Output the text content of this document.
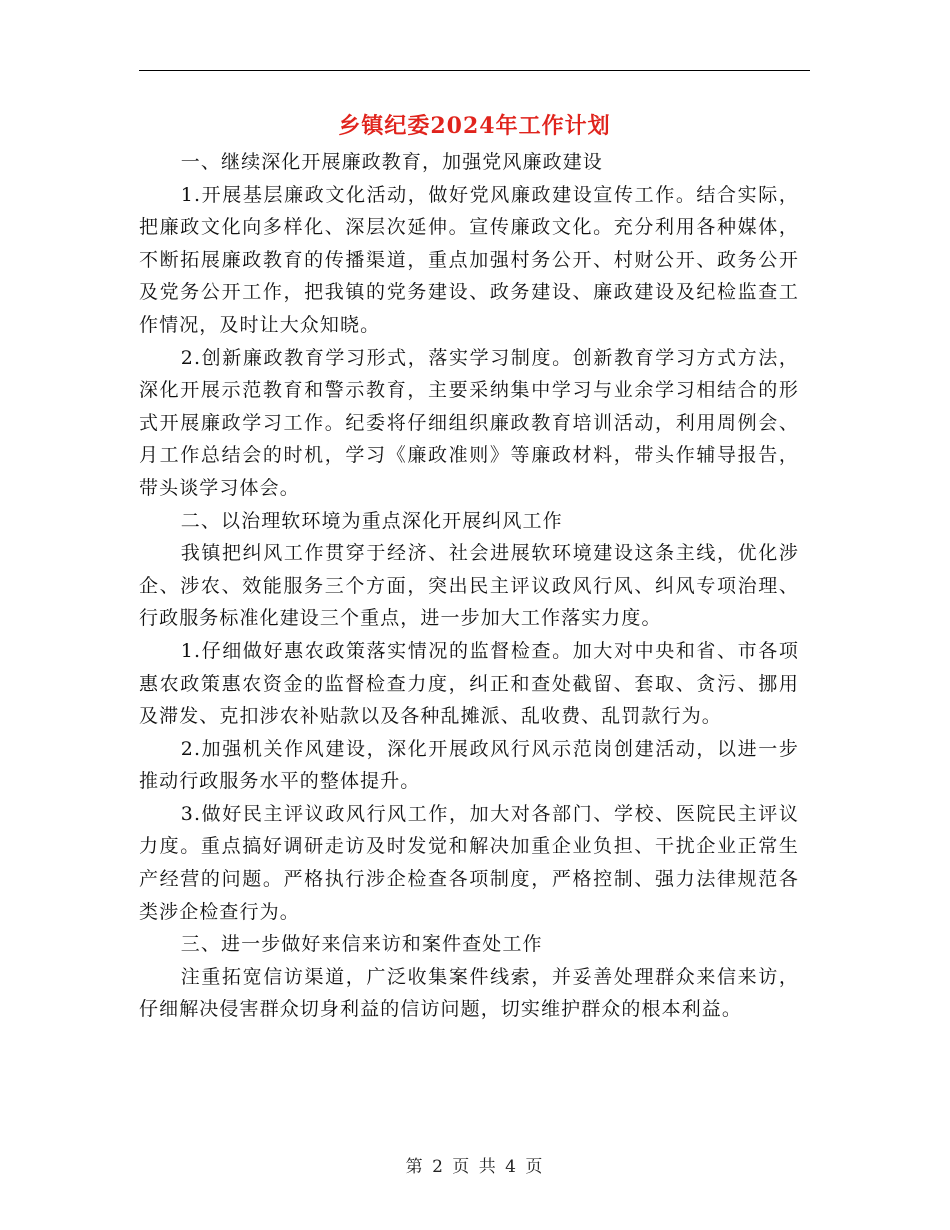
乡镇纪委2024年工作计划

一、继续深化开展廉政教育，加强党风廉政建设

1.开展基层廉政文化活动，做好党风廉政建设宣传工作。结合实际，把廉政文化向多样化、深层次延伸。宣传廉政文化。充分利用各种媒体，不断拓展廉政教育的传播渠道，重点加强村务公开、村财公开、政务公开及党务公开工作，把我镇的党务建设、政务建设、廉政建设及纪检监查工作情况，及时让大众知晓。

2.创新廉政教育学习形式，落实学习制度。创新教育学习方式方法，深化开展示范教育和警示教育，主要采纳集中学习与业余学习相结合的形式开展廉政学习工作。纪委将仔细组织廉政教育培训活动，利用周例会、月工作总结会的时机，学习《廉政准则》等廉政材料，带头作辅导报告，带头谈学习体会。

二、以治理软环境为重点深化开展纠风工作

我镇把纠风工作贯穿于经济、社会进展软环境建设这条主线，优化涉企、涉农、效能服务三个方面，突出民主评议政风行风、纠风专项治理、行政服务标准化建设三个重点，进一步加大工作落实力度。

1.仔细做好惠农政策落实情况的监督检查。加大对中央和省、市各项惠农政策惠农资金的监督检查力度，纠正和查处截留、套取、贪污、挪用及滞发、克扣涉农补贴款以及各种乱摊派、乱收费、乱罚款行为。

2.加强机关作风建设，深化开展政风行风示范岗创建活动，以进一步推动行政服务水平的整体提升。

3.做好民主评议政风行风工作，加大对各部门、学校、医院民主评议力度。重点搞好调研走访及时发觉和解决加重企业负担、干扰企业正常生产经营的问题。严格执行涉企检查各项制度，严格控制、强力法律规范各类涉企检查行为。

三、进一步做好来信来访和案件查处工作

注重拓宽信访渠道，广泛收集案件线索，并妥善处理群众来信来访，仔细解决侵害群众切身利益的信访问题，切实维护群众的根本利益。

第 2 页 共 4 页
